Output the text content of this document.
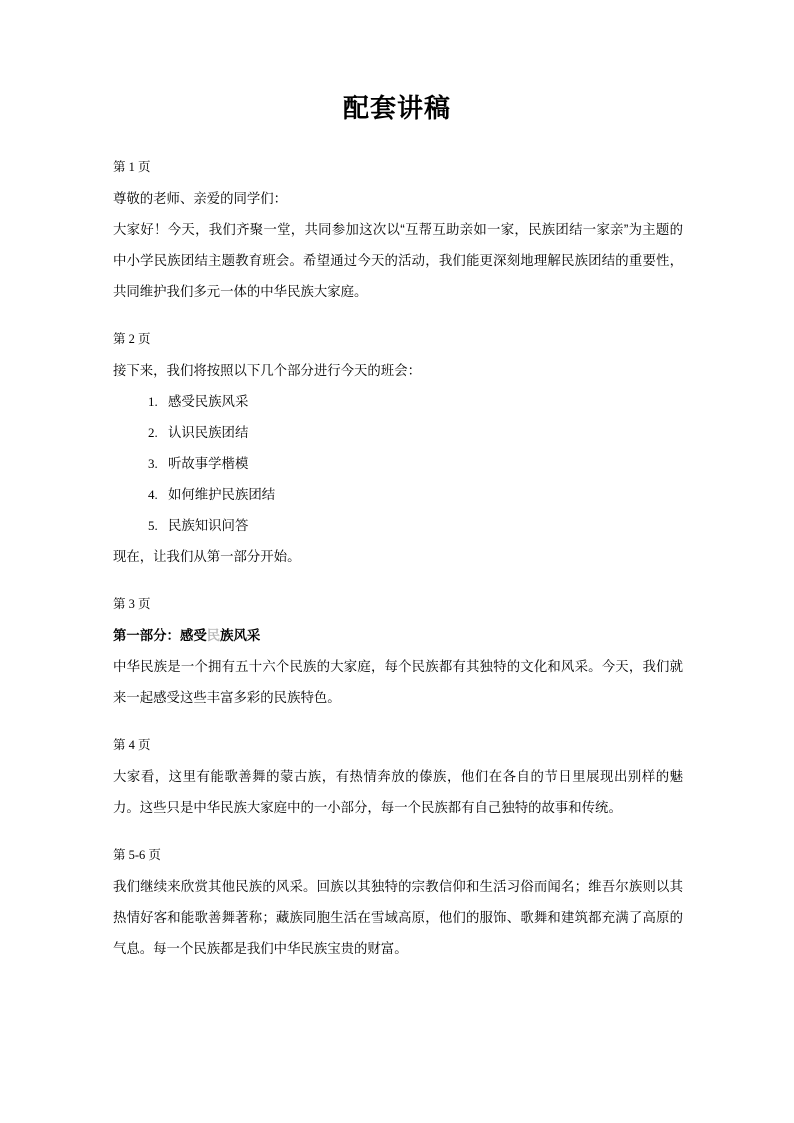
配套讲稿
第 1 页

尊敬的老师、亲爱的同学们：

大家好！今天，我们齐聚一堂，共同参加这次以“互帮互助亲如一家，民族团结一家亲”为主题的中小学民族团结主题教育班会。希望通过今天的活动，我们能更深刻地理解民族团结的重要性，共同维护我们多元一体的中华民族大家庭。

第 2 页

接下来，我们将按照以下几个部分进行今天的班会：

1. 感受民族风采
2. 认识民族团结
3. 听故事学楷模
4. 如何维护民族团结
5. 民族知识问答

现在，让我们从第一部分开始。

第 3 页

第一部分：感受民族风采

中华民族是一个拥有五十六个民族的大家庭，每个民族都有其独特的文化和风采。今天，我们就来一起感受这些丰富多彩的民族特色。

第 4 页

大家看，这里有能歌善舞的蒙古族，有热情奔放的傣族，他们在各自的节日里展现出别样的魅力。这些只是中华民族大家庭中的一小部分，每一个民族都有自己独特的故事和传统。

第 5-6 页

我们继续来欣赏其他民族的风采。回族以其独特的宗教信仰和生活习俗而闻名；维吾尔族则以其热情好客和能歌善舞著称；藏族同胞生活在雪域高原，他们的服饰、歌舞和建筑都充满了高原的气息。每一个民族都是我们中华民族宝贵的财富。
